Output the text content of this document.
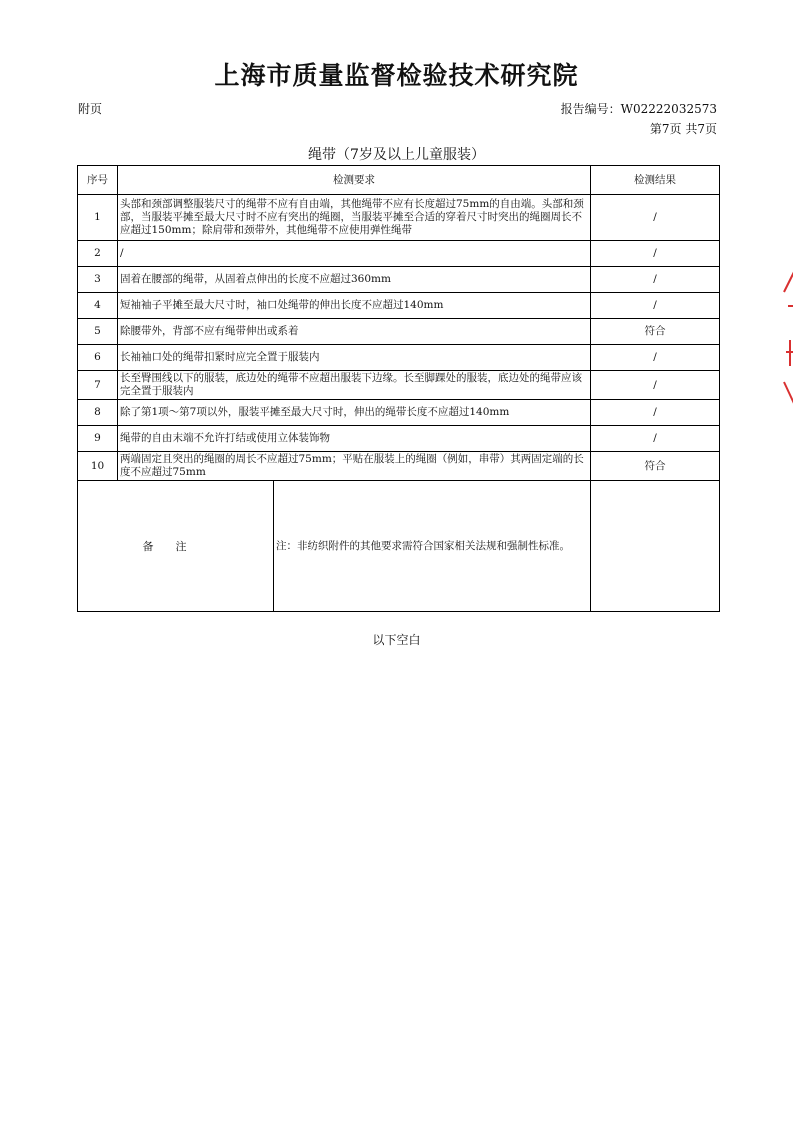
上海市质量监督检验技术研究院
附页	报告编号：W02222032573
第7页 共7页
绳带（7岁及以上儿童服装）
序号	检测要求	检测结果
1	头部和颈部调整服装尺寸的绳带不应有自由端，其他绳带不应有长度超过75mm的自由端。头部和颈部，当服装平摊至最大尺寸时不应有突出的绳圈，当服装平摊至合适的穿着尺寸时突出的绳圈周长不应超过150mm；除肩带和颈带外，其他绳带不应使用弹性绳带	/
2	/	/
3	固着在腰部的绳带，从固着点伸出的长度不应超过360mm	/
4	短袖袖子平摊至最大尺寸时，袖口处绳带的伸出长度不应超过140mm	/
5	除腰带外，背部不应有绳带伸出或系着	符合
6	长袖袖口处的绳带扣紧时应完全置于服装内	/
7	长至臀围线以下的服装，底边处的绳带不应超出服装下边缘。长至脚踝处的服装，底边处的绳带应该完全置于服装内	/
8	除了第1项～第7项以外，服装平摊至最大尺寸时，伸出的绳带长度不应超过140mm	/
9	绳带的自由末端不允许打结或使用立体装饰物	/
10	两端固定且突出的绳圈的周长不应超过75mm；平贴在服装上的绳圈（例如，串带）其两固定端的长度不应超过75mm	符合

备注	注：非纺织附件的其他要求需符合国家相关法规和强制性标准。

以下空白
